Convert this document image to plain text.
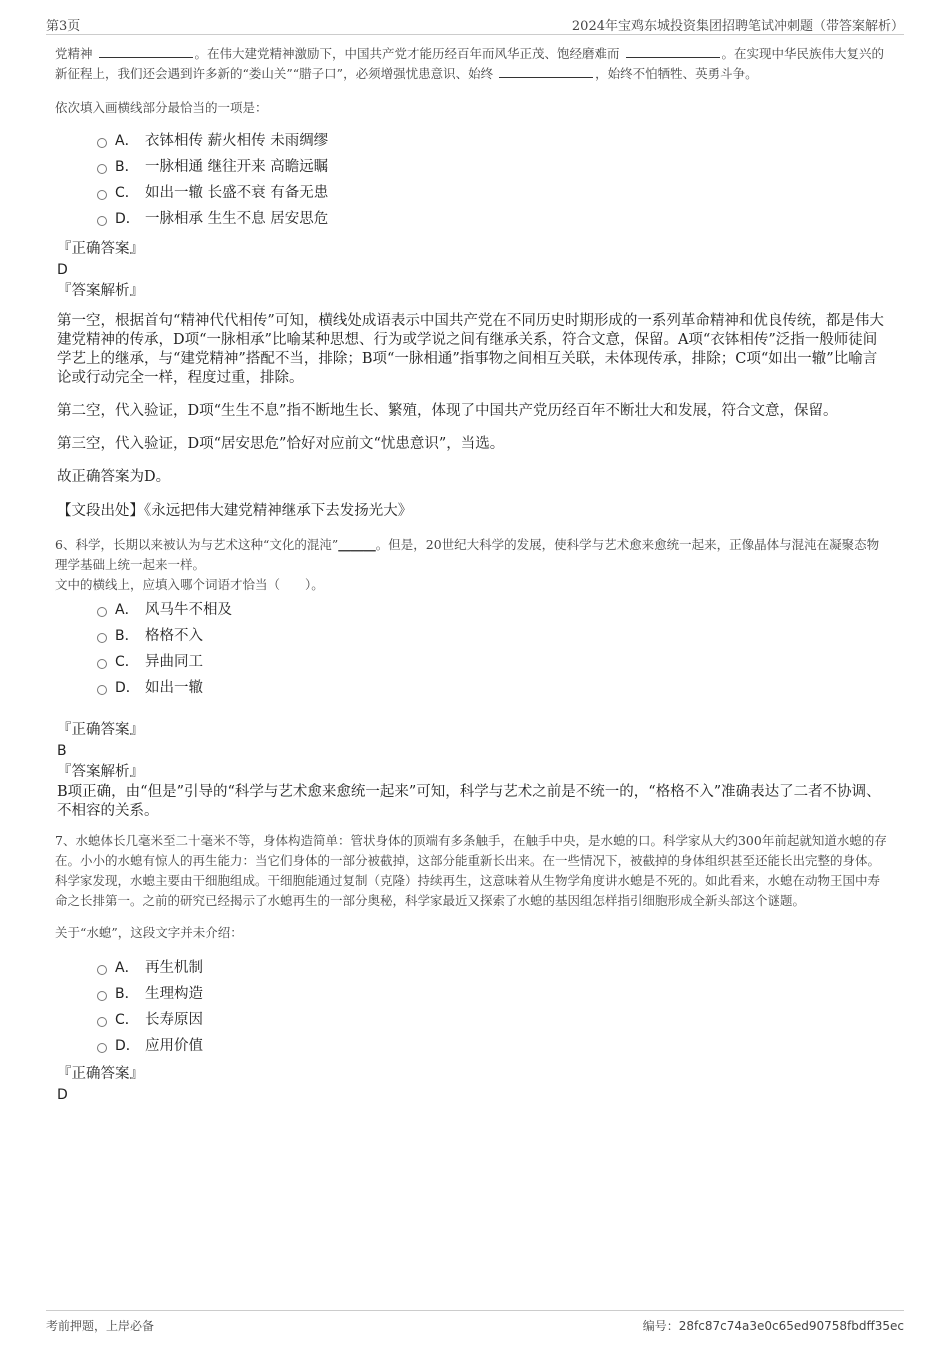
第3页	2024年宝鸡东城投资集团招聘笔试冲刺题（带答案解析）

党精神	。在伟大建党精神激励下，中国共产党才能历经百年而风华正茂、饱经磨难而	。在实现中华民族伟大复兴的新征程上，我们还会遇到许多新的“娄山关”“腊子口”，必须增强忧患意识、始终	，始终不怕牺牲、英勇斗争。

依次填入画横线部分最恰当的一项是：

A． 衣钵相传 薪火相传 未雨绸缪
B． 一脉相通 继往开来 高瞻远瞩
C． 如出一辙 长盛不衰 有备无患
D． 一脉相承 生生不息 居安思危

『正确答案』

D

『答案解析』

第一空，根据首句“精神代代相传”可知，横线处成语表示中国共产党在不同历史时期形成的一系列革命精神和优良传统，都是伟大建党精神的传承，D项“一脉相承”比喻某种思想、行为或学说之间有继承关系，符合文意，保留。A项“衣钵相传”泛指一般师徒间学艺上的继承，与“建党精神”搭配不当，排除；B项“一脉相通”指事物之间相互关联，未体现传承，排除；C项“如出一辙”比喻言论或行动完全一样，程度过重，排除。

第二空，代入验证，D项“生生不息”指不断地生长、繁殖，体现了中国共产党历经百年不断壮大和发展，符合文意，保留。

第三空，代入验证，D项“居安思危”恰好对应前文“忧患意识”，当选。

故正确答案为D。

【文段出处】《永远把伟大建党精神继承下去发扬光大》

6、科学，长期以来被认为与艺术这种“文化的混沌”______。但是，20世纪大科学的发展，使科学与艺术愈来愈统一起来，正像晶体与混沌在凝聚态物理学基础上统一起来一样。

文中的横线上，应填入哪个词语才恰当（　　）。

A． 风马牛不相及
B． 格格不入
C． 异曲同工
D． 如出一辙

『正确答案』

B

『答案解析』

B项正确，由“但是”引导的“科学与艺术愈来愈统一起来”可知，科学与艺术之前是不统一的，“格格不入”准确表达了二者不协调、不相容的关系。

7、水螅体长几毫米至二十毫米不等，身体构造简单：管状身体的顶端有多条触手，在触手中央，是水螅的口。科学家从大约300年前起就知道水螅的存在。小小的水螅有惊人的再生能力：当它们身体的一部分被截掉，这部分能重新长出来。在一些情况下，被截掉的身体组织甚至还能长出完整的身体。科学家发现，水螅主要由干细胞组成。干细胞能通过复制（克隆）持续再生，这意味着从生物学角度讲水螅是不死的。如此看来，水螅在动物王国中寿命之长排第一。之前的研究已经揭示了水螅再生的一部分奥秘，科学家最近又探索了水螅的基因组怎样指引细胞形成全新头部这个谜题。

关于“水螅”，这段文字并未介绍：

A． 再生机制
B． 生理构造
C． 长寿原因
D． 应用价值

『正确答案』

D

考前押题，上岸必备	编号：28fc87c74a3e0c65ed90758fbdff35ec
